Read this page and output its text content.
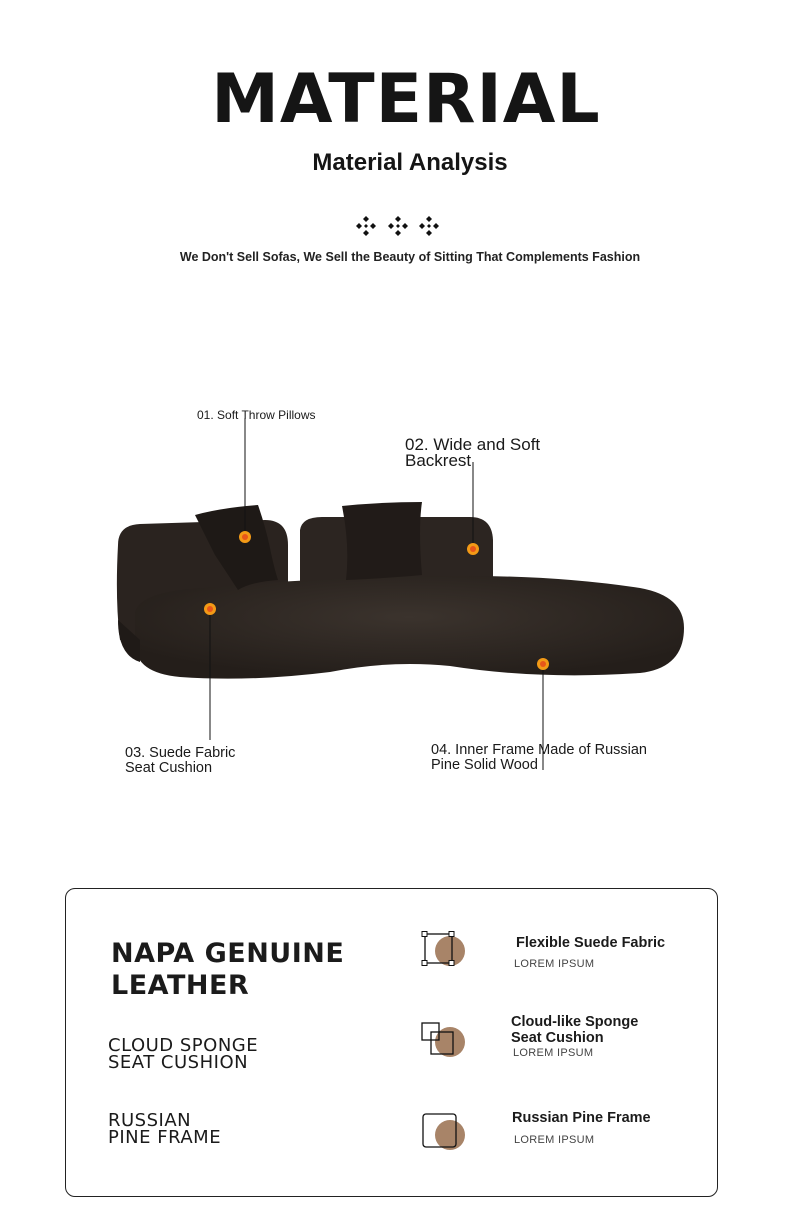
MATERIAL
Material Analysis
We Don't Sell Sofas, We Sell the Beauty of Sitting That Complements Fashion
01. Soft Throw Pillows
02. Wide and Soft
Backrest
03. Suede Fabric
Seat Cushion
04. Inner Frame Made of Russian
Pine Solid Wood
NAPA GENUINE
LEATHER
CLOUD SPONGE
SEAT CUSHION
RUSSIAN
PINE FRAME
Flexible Suede Fabric
LOREM IPSUM
Cloud-like Sponge
Seat Cushion
LOREM IPSUM
Russian Pine Frame
LOREM IPSUM
